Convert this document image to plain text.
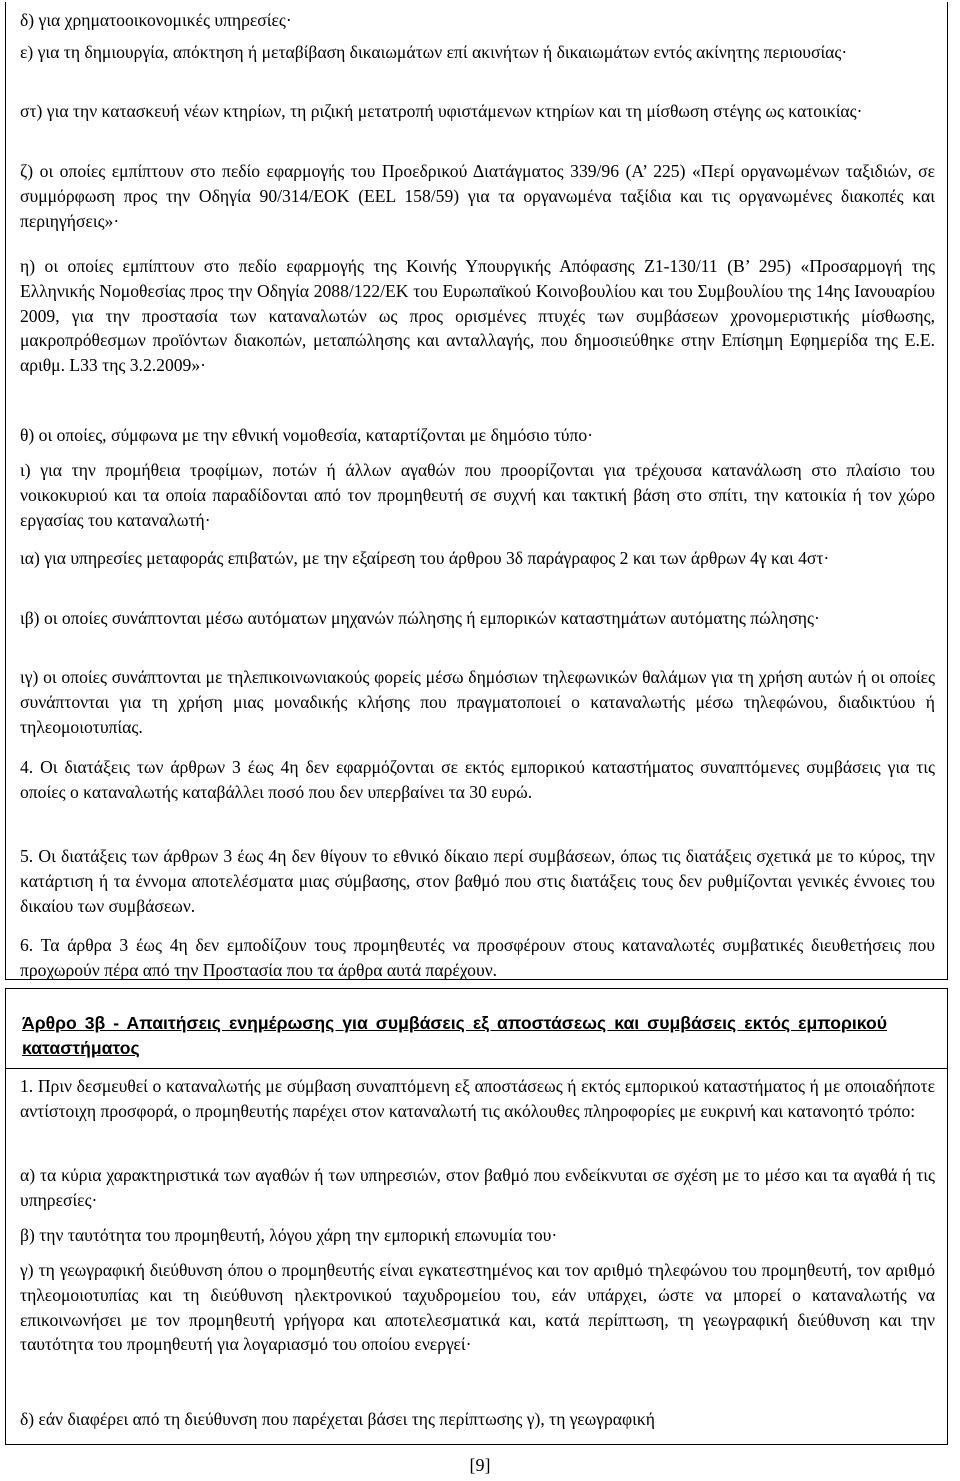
δ) για χρηματοοικονομικές υπηρεσίες·

ε) για τη δημιουργία, απόκτηση ή μεταβίβαση δικαιωμάτων επί ακινήτων ή δικαιωμάτων εντός ακίνητης περιουσίας·

στ) για την κατασκευή νέων κτηρίων, τη ριζική μετατροπή υφιστάμενων κτηρίων και τη μίσθωση στέγης ως κατοικίας·

ζ) οι οποίες εμπίπτουν στο πεδίο εφαρμογής του Προεδρικού Διατάγματος 339/96 (Α’ 225) «Περί οργανωμένων ταξιδιών, σε συμμόρφωση προς την Οδηγία 90/314/ΕΟΚ (EEL 158/59) για τα οργανωμένα ταξίδια και τις οργανωμένες διακοπές και περιηγήσεις»·

η) οι οποίες εμπίπτουν στο πεδίο εφαρμογής της Κοινής Υπουργικής Απόφασης Ζ1-130/11 (Β’ 295) «Προσαρμογή της Ελληνικής Νομοθεσίας προς την Οδηγία 2088/122/ΕΚ του Ευρωπαϊκού Κοινοβουλίου και του Συμβουλίου της 14ης Ιανουαρίου 2009, για την προστασία των καταναλωτών ως προς ορισμένες πτυχές των συμβάσεων χρονομεριστικής μίσθωσης, μακροπρόθεσμων προϊόντων διακοπών, μεταπώλησης και ανταλλαγής, που δημοσιεύθηκε στην Επίσημη Εφημερίδα της Ε.Ε. αριθμ. L33 της 3.2.2009»·

θ) οι οποίες, σύμφωνα με την εθνική νομοθεσία, καταρτίζονται με δημόσιο τύπο·

ι) για την προμήθεια τροφίμων, ποτών ή άλλων αγαθών που προορίζονται για τρέχουσα κατανάλωση στο πλαίσιο του νοικοκυριού και τα οποία παραδίδονται από τον προμηθευτή σε συχνή και τακτική βάση στο σπίτι, την κατοικία ή τον χώρο εργασίας του καταναλωτή·

ια) για υπηρεσίες μεταφοράς επιβατών, με την εξαίρεση του άρθρου 3δ παράγραφος 2 και των άρθρων 4γ και 4στ·

ιβ) οι οποίες συνάπτονται μέσω αυτόματων μηχανών πώλησης ή εμπορικών καταστημάτων αυτόματης πώλησης·

ιγ) οι οποίες συνάπτονται με τηλεπικοινωνιακούς φορείς μέσω δημόσιων τηλεφωνικών θαλάμων για τη χρήση αυτών ή οι οποίες συνάπτονται για τη χρήση μιας μοναδικής κλήσης που πραγματοποιεί ο καταναλωτής μέσω τηλεφώνου, διαδικτύου ή τηλεομοιοτυπίας.

4. Οι διατάξεις των άρθρων 3 έως 4η δεν εφαρμόζονται σε εκτός εμπορικού καταστήματος συναπτόμενες συμβάσεις για τις οποίες ο καταναλωτής καταβάλλει ποσό που δεν υπερβαίνει τα 30 ευρώ.

5. Οι διατάξεις των άρθρων 3 έως 4η δεν θίγουν το εθνικό δίκαιο περί συμβάσεων, όπως τις διατάξεις σχετικά με το κύρος, την κατάρτιση ή τα έννομα αποτελέσματα μιας σύμβασης, στον βαθμό που στις διατάξεις τους δεν ρυθμίζονται γενικές έννοιες του δικαίου των συμβάσεων.

6. Τα άρθρα 3 έως 4η δεν εμποδίζουν τους προμηθευτές να προσφέρουν στους καταναλωτές συμβατικές διευθετήσεις που προχωρούν πέρα από την Προστασία που τα άρθρα αυτά παρέχουν.

Άρθρο 3β - Απαιτήσεις ενημέρωσης για συμβάσεις εξ αποστάσεως και συμβάσεις εκτός εμπορικού καταστήματος

1. Πριν δεσμευθεί ο καταναλωτής με σύμβαση συναπτόμενη εξ αποστάσεως ή εκτός εμπορικού καταστήματος ή με οποιαδήποτε αντίστοιχη προσφορά, ο προμηθευτής παρέχει στον καταναλωτή τις ακόλουθες πληροφορίες με ευκρινή και κατανοητό τρόπο:

α) τα κύρια χαρακτηριστικά των αγαθών ή των υπηρεσιών, στον βαθμό που ενδείκνυται σε σχέση με το μέσο και τα αγαθά ή τις υπηρεσίες·

β) την ταυτότητα του προμηθευτή, λόγου χάρη την εμπορική επωνυμία του·

γ) τη γεωγραφική διεύθυνση όπου ο προμηθευτής είναι εγκατεστημένος και τον αριθμό τηλεφώνου του προμηθευτή, τον αριθμό τηλεομοιοτυπίας και τη διεύθυνση ηλεκτρονικού ταχυδρομείου του, εάν υπάρχει, ώστε να μπορεί ο καταναλωτής να επικοινωνήσει με τον προμηθευτή γρήγορα και αποτελεσματικά και, κατά περίπτωση, τη γεωγραφική διεύθυνση και την ταυτότητα του προμηθευτή για λογαριασμό του οποίου ενεργεί·

δ) εάν διαφέρει από τη διεύθυνση που παρέχεται βάσει της περίπτωσης γ), τη γεωγραφική

[9]
